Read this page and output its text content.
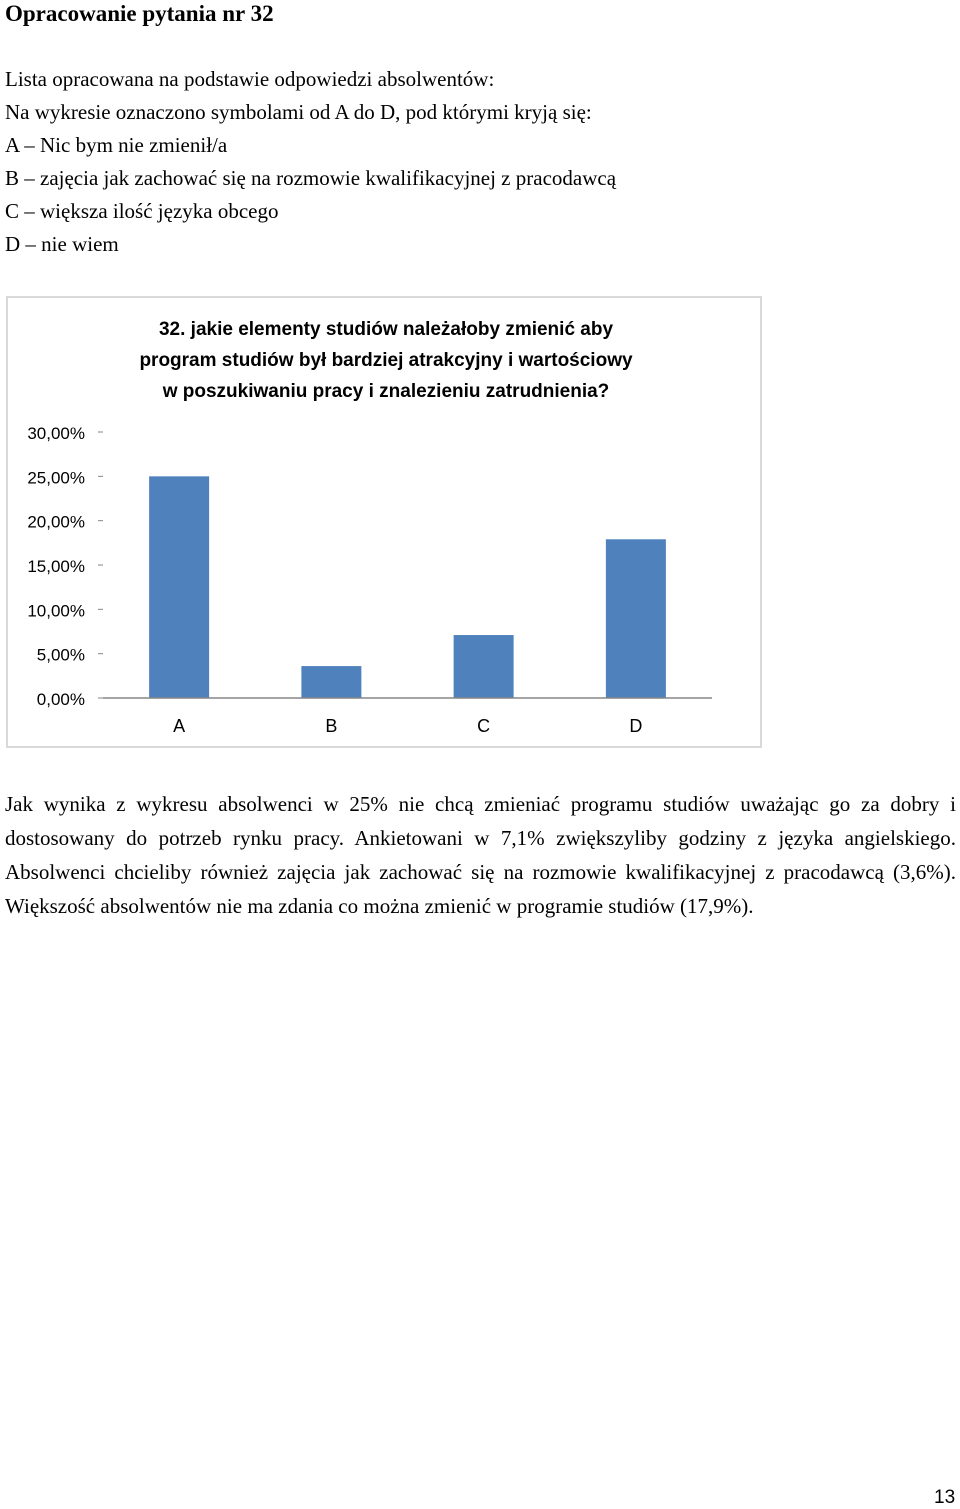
Opracowanie pytania nr 32
Lista opracowana na podstawie odpowiedzi absolwentów:
Na wykresie oznaczono symbolami od A do D, pod którymi kryją się:
A – Nic bym nie zmienił/a
B – zajęcia jak zachować się na rozmowie kwalifikacyjnej z pracodawcą
C – większa ilość języka obcego
D – nie wiem
32. jakie elementy studiów należałoby zmienić aby
program studiów był bardziej atrakcyjny i wartościowy
w poszukiwaniu pracy i znalezieniu zatrudnienia?
0,00%
5,00%
10,00%
15,00%
20,00%
25,00%
30,00%
A	B	C	D

Jak wynika z wykresu absolwenci w 25% nie chcą zmieniać programu studiów uważając go za dobry i dostosowany do potrzeb rynku pracy. Ankietowani w 7,1% zwiększyliby godziny z języka angielskiego. Absolwenci chcieliby również zajęcia jak zachować się na rozmowie kwalifikacyjnej z pracodawcą (3,6%). Większość absolwentów nie ma zdania co można zmienić w programie studiów (17,9%).

13
